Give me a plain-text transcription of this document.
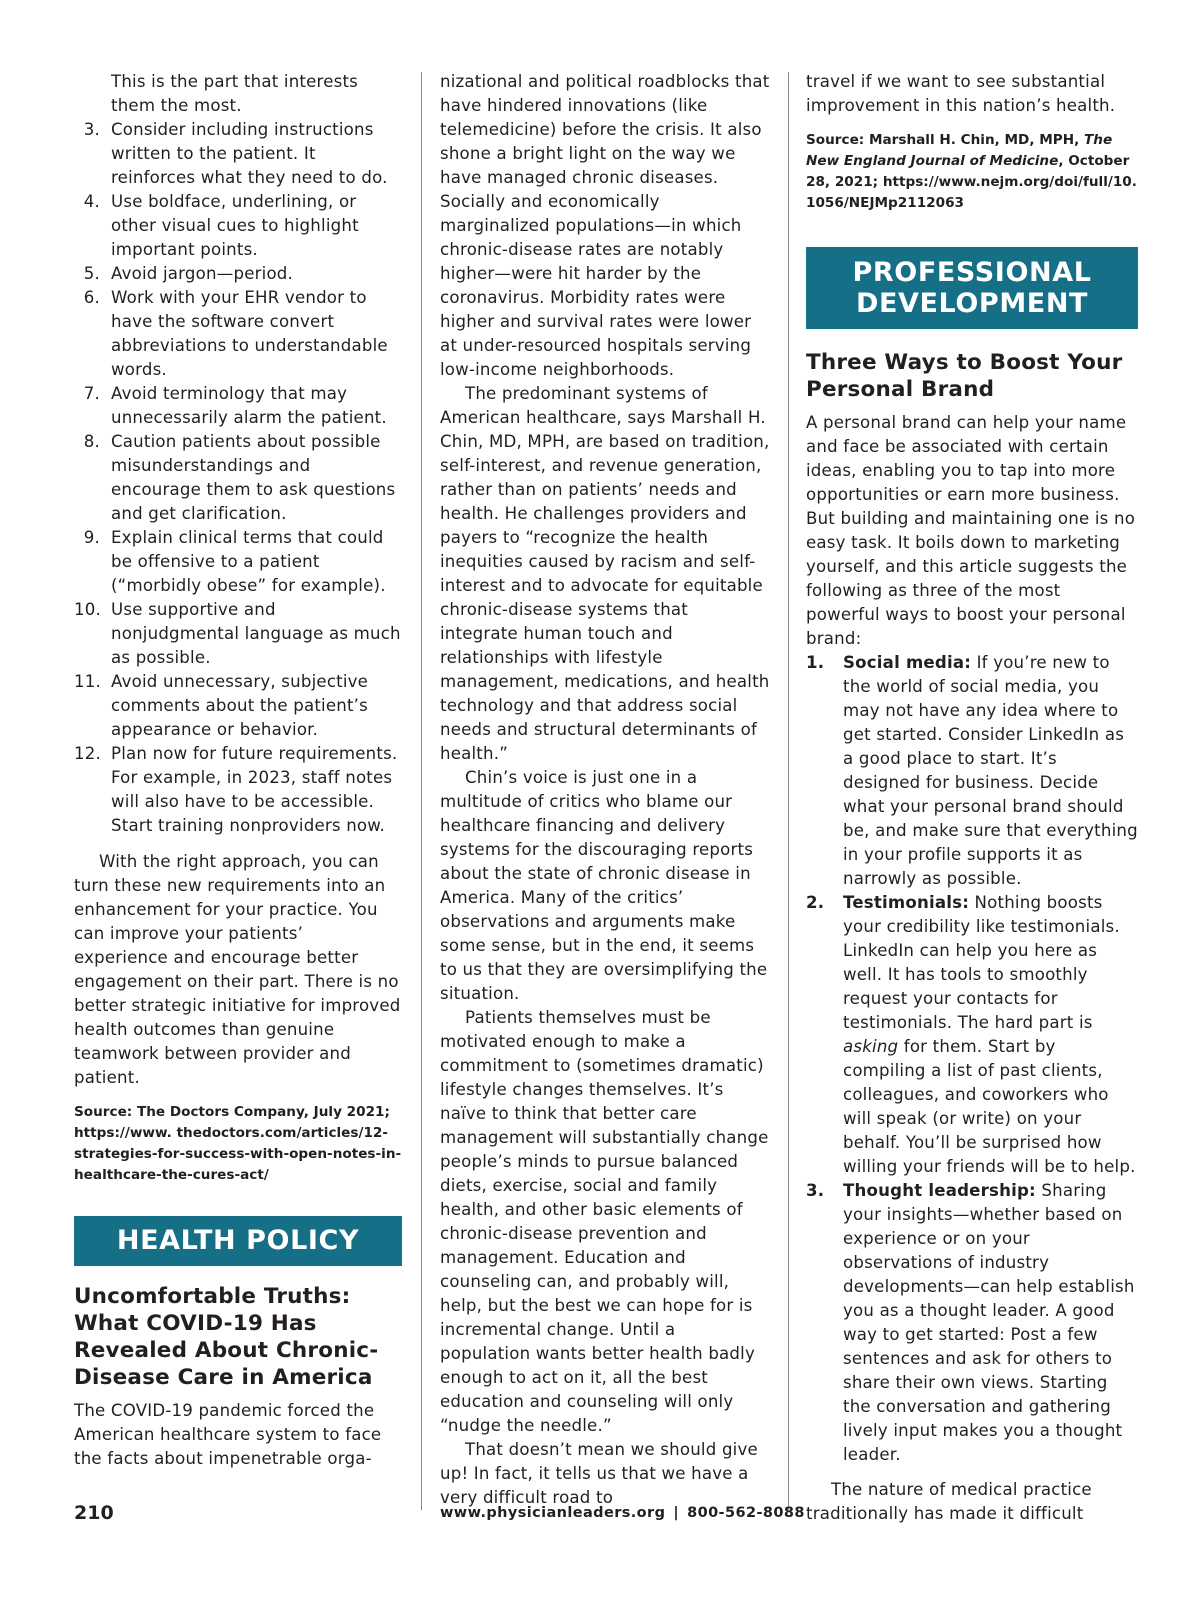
This is the part that interests them the most.

3. Consider including instructions written to the patient. It reinforces what they need to do.
4. Use boldface, underlining, or other visual cues to highlight important points.
5. Avoid jargon—period.
6. Work with your EHR vendor to have the software convert abbreviations to understandable words.
7. Avoid terminology that may unnecessarily alarm the patient.
8. Caution patients about possible misunderstandings and encourage them to ask questions and get clarification.
9. Explain clinical terms that could be offensive to a patient (“morbidly obese” for example).
10. Use supportive and nonjudgmental language as much as possible.
11. Avoid unnecessary, subjective comments about the patient’s appearance or behavior.
12. Plan now for future requirements. For example, in 2023, staff notes will also have to be accessible. Start training nonproviders now.

With the right approach, you can turn these new requirements into an enhancement for your practice. You can improve your patients’ experience and encourage better engagement on their part. There is no better strategic initiative for improved health outcomes than genuine teamwork between provider and patient.

Source: The Doctors Company, July 2021; https://www. thedoctors.com/articles/12-strategies-for-success-with-open-notes-in-healthcare-the-cures-act/

HEALTH POLICY
Uncomfortable Truths: What COVID-19 Has Revealed About Chronic-Disease Care in America

The COVID-19 pandemic forced the American healthcare system to face the facts about impenetrable orga-

nizational and political roadblocks that have hindered innovations (like telemedicine) before the crisis. It also shone a bright light on the way we have managed chronic diseases. Socially and economically marginalized populations—in which chronic-disease rates are notably higher—were hit harder by the coronavirus. Morbidity rates were higher and survival rates were lower at under-resourced hospitals serving low-income neighborhoods.

The predominant systems of American healthcare, says Marshall H. Chin, MD, MPH, are based on tradition, self-interest, and revenue generation, rather than on patients’ needs and health. He challenges providers and payers to “recognize the health inequities caused by racism and self-interest and to advocate for equitable chronic-disease systems that integrate human touch and relationships with lifestyle management, medications, and health technology and that address social needs and structural determinants of health.”

Chin’s voice is just one in a multitude of critics who blame our healthcare financing and delivery systems for the discouraging reports about the state of chronic disease in America. Many of the critics’ observations and arguments make some sense, but in the end, it seems to us that they are oversimplifying the situation.

Patients themselves must be motivated enough to make a commitment to (sometimes dramatic) lifestyle changes themselves. It’s naïve to think that better care management will substantially change people’s minds to pursue balanced diets, exercise, social and family health, and other basic elements of chronic-disease prevention and management. Education and counseling can, and probably will, help, but the best we can hope for is incremental change. Until a population wants better health badly enough to act on it, all the best education and counseling will only “nudge the needle.”

That doesn’t mean we should give up! In fact, it tells us that we have a very difficult road to

travel if we want to see substantial improvement in this nation’s health.

Source: Marshall H. Chin, MD, MPH, The New England Journal of Medicine, October 28, 2021; https://www.nejm.org/doi/full/10. 1056/NEJMp2112063

PROFESSIONAL
DEVELOPMENT
Three Ways to Boost Your Personal Brand

A personal brand can help your name and face be associated with certain ideas, enabling you to tap into more opportunities or earn more business. But building and maintaining one is no easy task. It boils down to marketing yourself, and this article suggests the following as three of the most powerful ways to boost your personal brand:

1.	Social media: If you’re new to the world of social media, you may not have any idea where to get started. Consider LinkedIn as a good place to start. It’s designed for business. Decide what your personal brand should be, and make sure that everything in your profile supports it as narrowly as possible.
2.	Testimonials: Nothing boosts your credibility like testimonials. LinkedIn can help you here as well. It has tools to smoothly request your contacts for testimonials. The hard part is asking for them. Start by compiling a list of past clients, colleagues, and coworkers who will speak (or write) on your behalf. You’ll be surprised how willing your friends will be to help.
3.	Thought leadership: Sharing your insights—whether based on experience or on your observations of industry developments—can help establish you as a thought leader. A good way to get started: Post a few sentences and ask for others to share their own views. Starting the conversation and gathering lively input makes you a thought leader.

The nature of medical practice traditionally has made it difficult

210	www.physicianleaders.org | 800-562-8088
